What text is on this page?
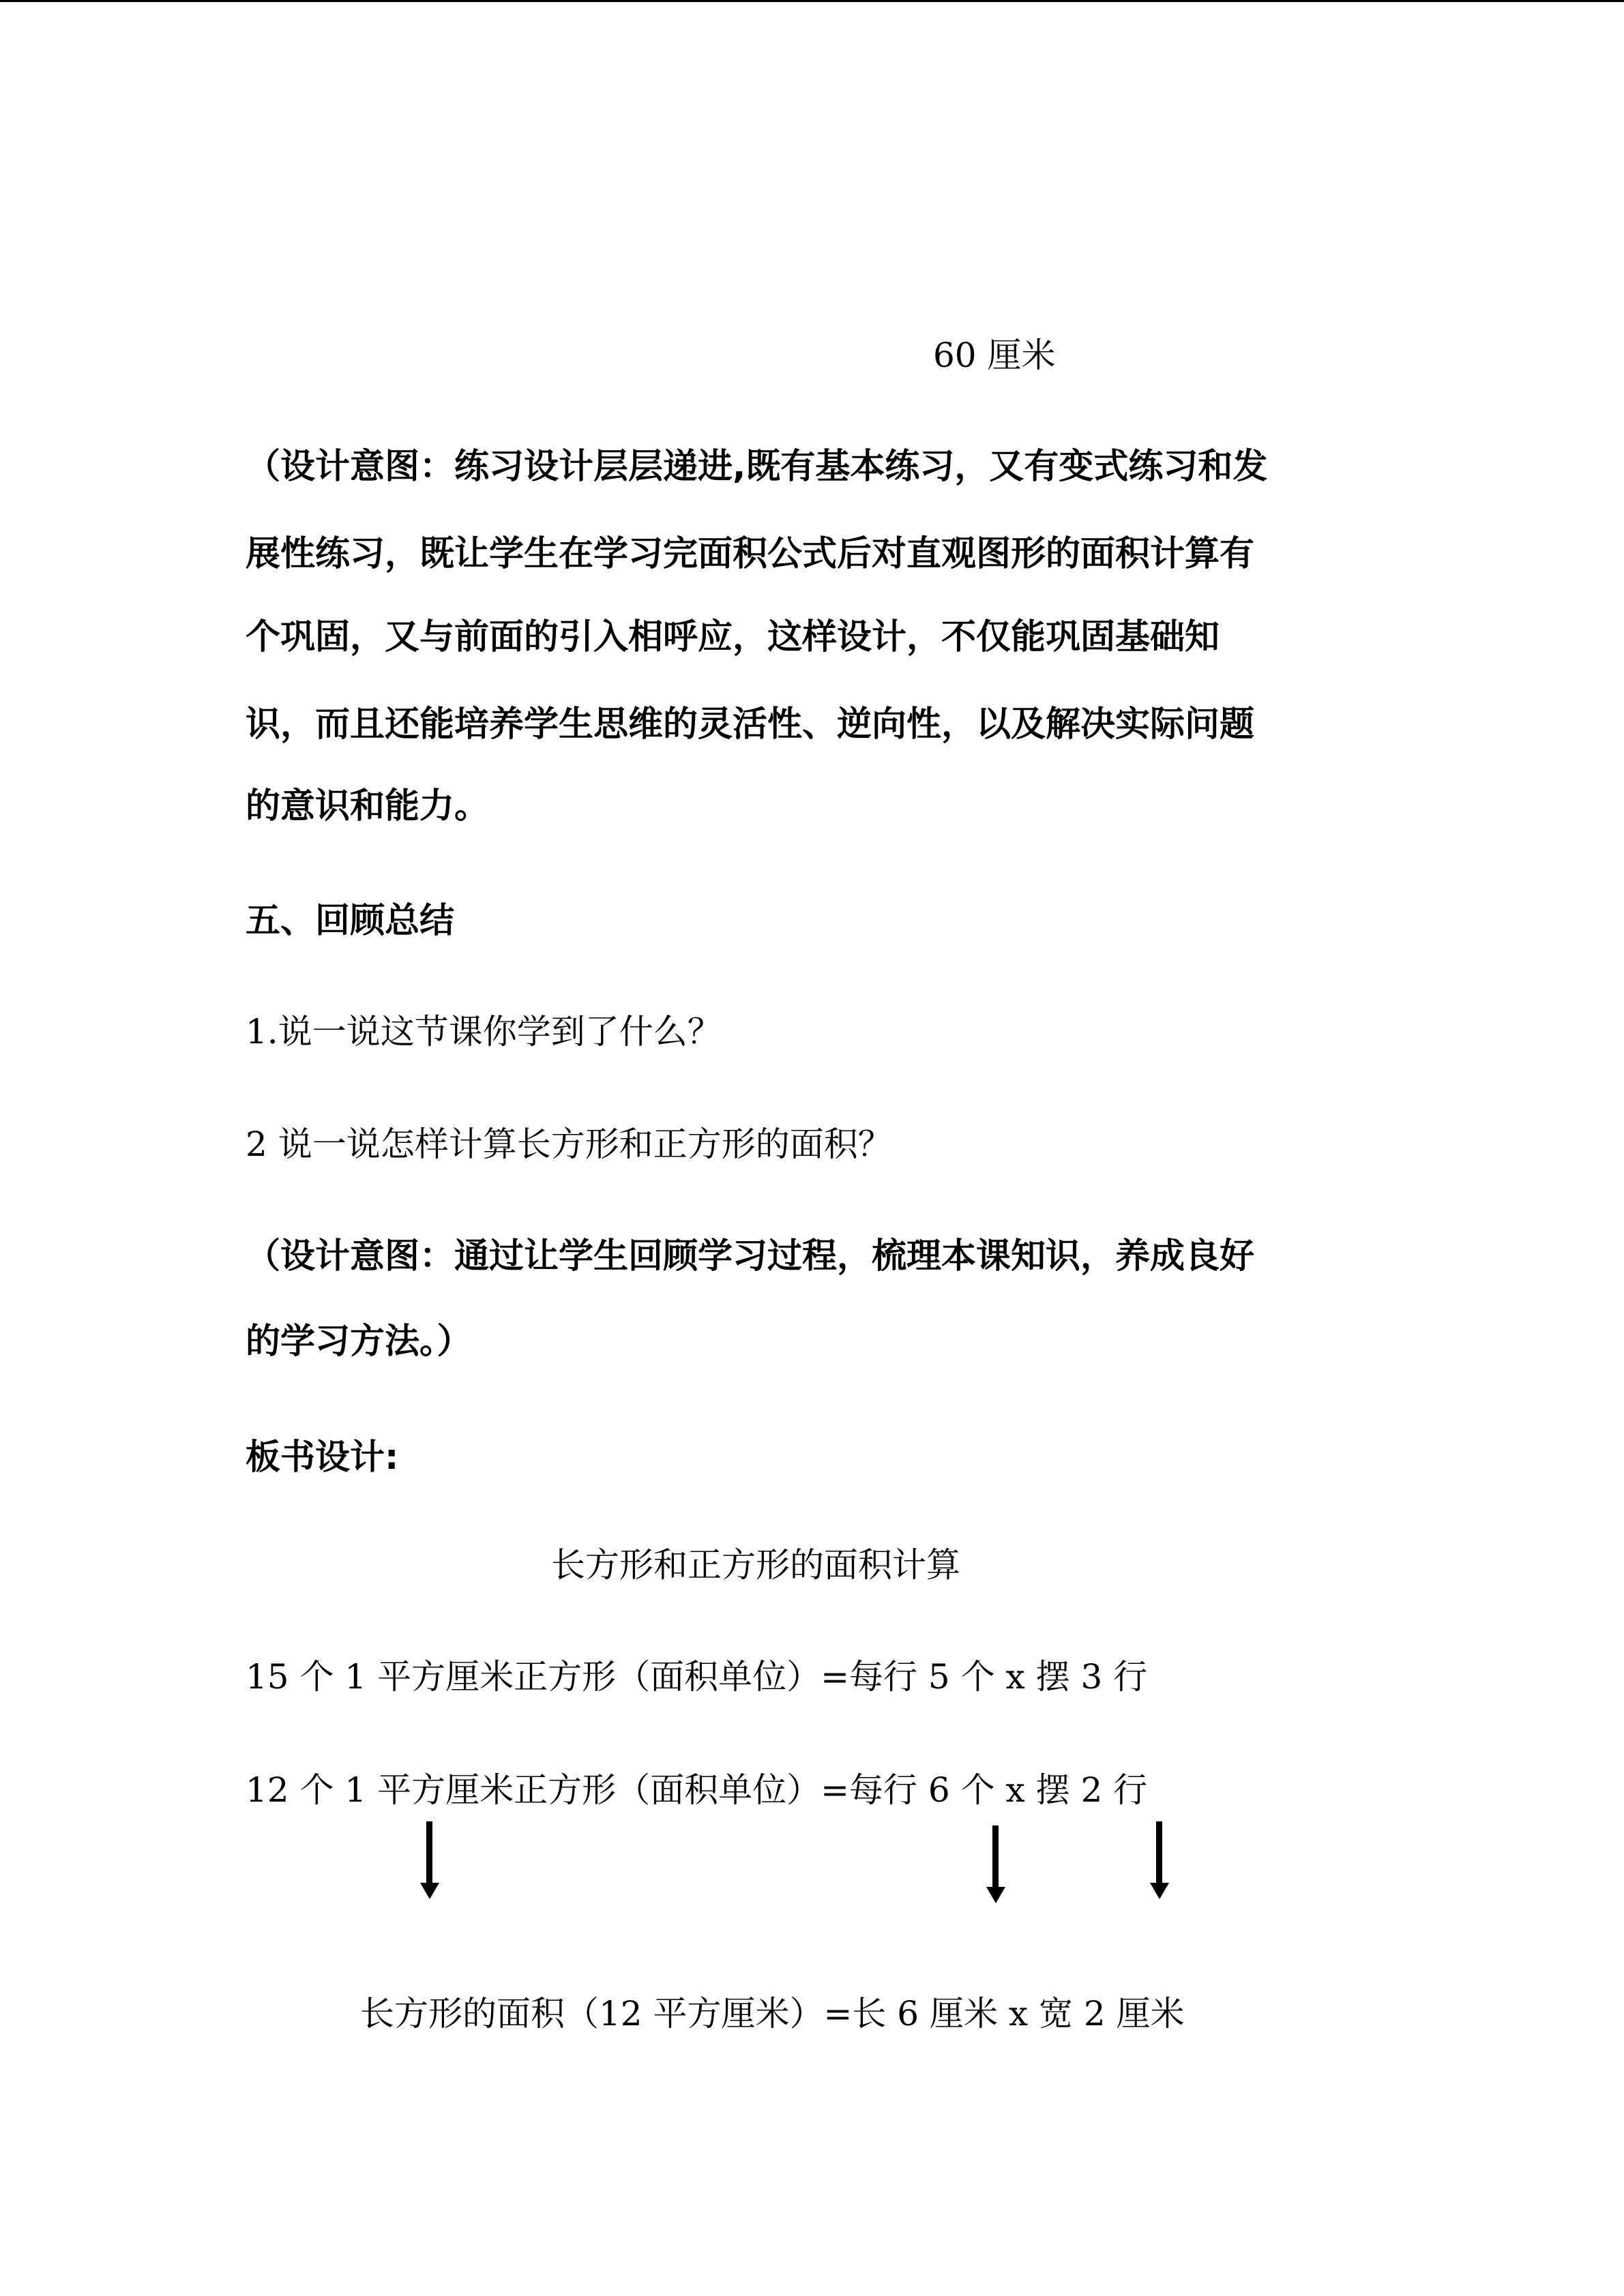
60 厘米
（设计意图：练习设计层层递进,既有基本练习，又有变式练习和发
展性练习，既让学生在学习完面积公式后对直观图形的面积计算有
个巩固，又与前面的引入相呼应，这样设计，不仅能巩固基础知
识，而且还能培养学生思维的灵活性、逆向性，以及解决实际问题
的意识和能力。
五、回顾总结
1.说一说这节课你学到了什么？
2 说一说怎样计算长方形和正方形的面积？
（设计意图：通过让学生回顾学习过程，梳理本课知识，养成良好
的学习方法。）
板书设计:
长方形和正方形的面积计算
15 个 1 平方厘米正方形（面积单位）=每行 5 个 x 摆 3 行
12 个 1 平方厘米正方形（面积单位）=每行 6 个 x 摆 2 行
长方形的面积（12 平方厘米）=长 6 厘米 x 宽 2 厘米
